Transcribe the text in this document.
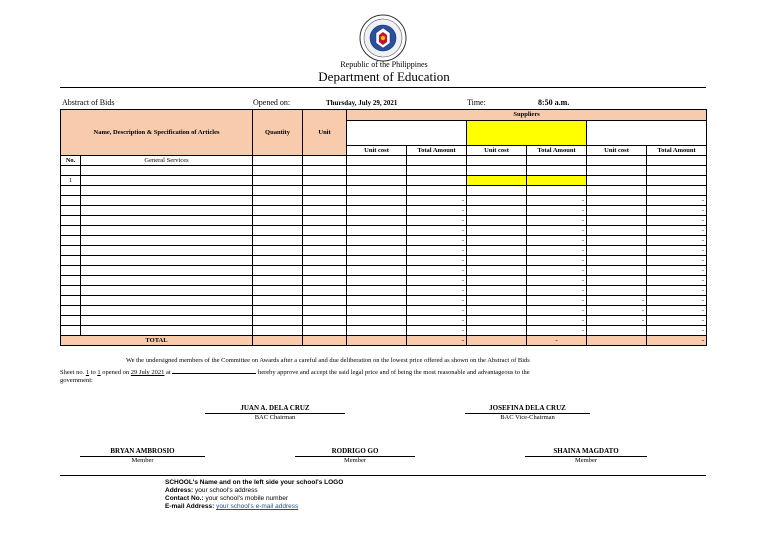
Republic of the Philippines
Department of Education
Abstract of Bids	Opened on:	Thursday, July 29, 2021	Time:	8:50 a.m.
Name, Description & Specification of Articles		Quantity	Unit	Suppliers					

				Unit cost	Total Amount	Unit cost	Total Amount	Unit cost	Total Amount
No.	General Services								

1									

					-		-		-
					-		-		-
					-		-		-
					-		-		-
					-		-		-
					-		-		-
					-		-		-
					-		-		-
					-		-		-
					-		-		-
					-		-	-	-
					-		-	-	-
					-		-	-	-
					-		-		-
TOTAL					-		-		-
We the undersigned members of the Committee on Awards after a careful and due deliberation on the lowest price offered as shown on the Abstract of Bids
Sheet no. 1 to 1 opened on 29 July 2021 at	hereby approve and accept the said legal price and of being the most reasonable and advantageous to the
government:
JUAN A. DELA CRUZ
BAC Chairman
JOSEFINA DELA CRUZ
BAC Vice-Chairman
BRYAN AMBROSIO
Member
RODRIGO GO
Member
SHAINA MAGDATO
Member
SCHOOL's Name and on the left side your school's LOGO
Address: your school's address
Contact No.: your school's mobile number
E-mail Address: your school's e-mail address
